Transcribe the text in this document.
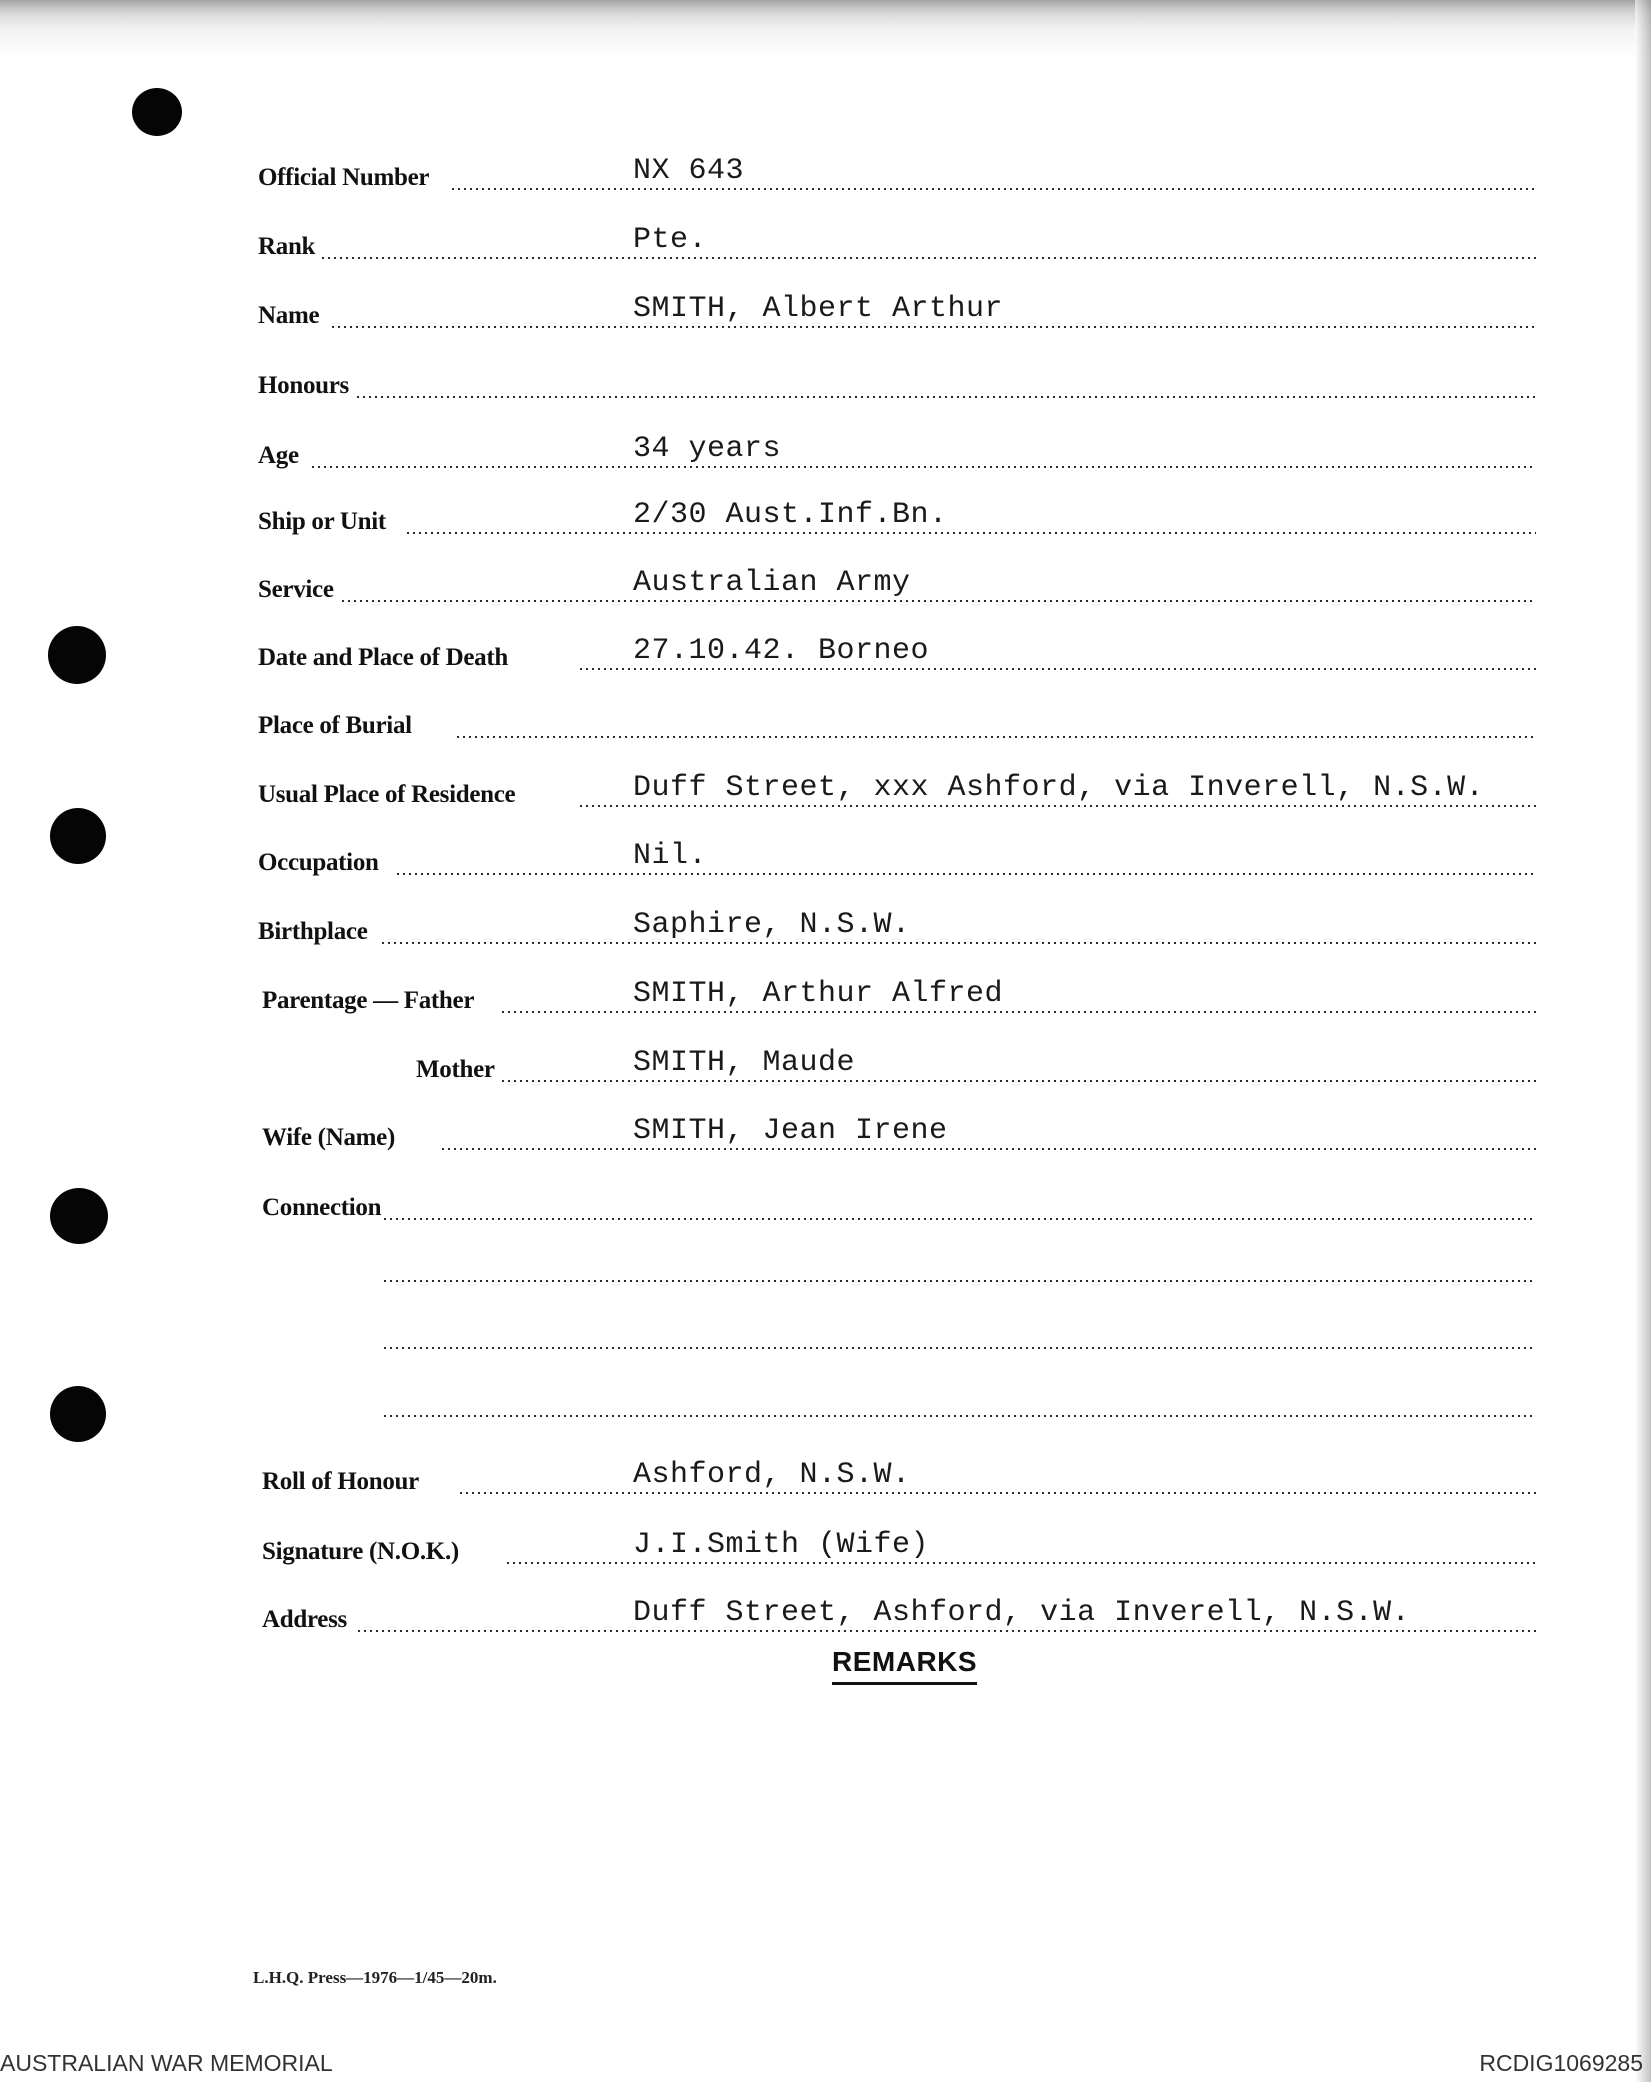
Official Number	NX 643
Rank	Pte.
Name	SMITH, Albert Arthur
Honours
Age	34 years
Ship or Unit	2/30 Aust.Inf.Bn.
Service	Australian Army
Date and Place of Death	27.10.42. Borneo
Place of Burial
Usual Place of Residence	Duff Street, xxx Ashford, via Inverell, N.S.W.
Occupation	Nil.
Birthplace	Saphire, N.S.W.
Parentage — Father	SMITH, Arthur Alfred
Mother	SMITH, Maude
Wife (Name)	SMITH, Jean Irene
Connection
Roll of Honour	Ashford, N.S.W.
Signature (N.O.K.)	J.I.Smith (Wife)
Address	Duff Street, Ashford, via Inverell, N.S.W.
REMARKS
L.H.Q. Press—1976—1/45—20m.
AUSTRALIAN WAR MEMORIAL	RCDIG1069285
